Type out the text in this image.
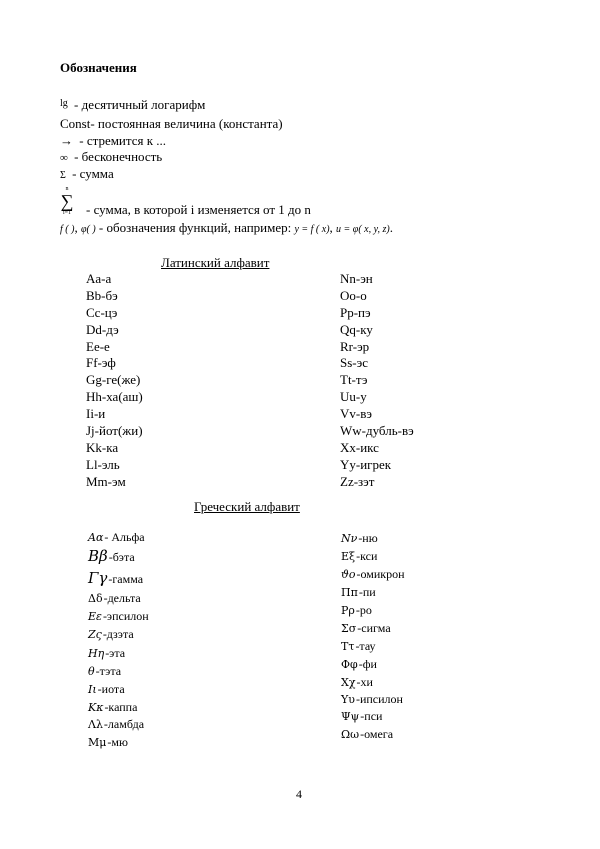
Обозначения
lg - десятичный логарифм
Const- постоянная величина (константа)
→ - стремится к ...
∞ - бесконечность
Σ - сумма
n
∑
i=1 - сумма, в которой i изменяется от 1 до n
f ( ), φ( ) - обозначения функций, например: y = f ( x), u = φ( x, y, z).
Латинский алфавит
Aa-а
Bb-бэ
Cc-цэ
Dd-дэ
Ee-е
Ff-эф
Gg-ге(же)
Hh-ха(аш)
Ii-и
Jj-йот(жи)
Kk-ка
Ll-эль
Mm-эм
Nn-эн
Oo-о
Pp-пэ
Qq-ку
Rr-эр
Ss-эс
Tt-тэ
Uu-у
Vv-вэ
Ww-дубль-вэ
Xx-икс
Yy-игрек
Zz-зэт
Греческий алфавит
Aα- Альфа
Bβ-бэта
Γγ-гамма
Δδ-дельта
Eε-эпсилон
Zς-дзэта
Hη-эта
θ-тэта
Iι-иота
Kκ-каппа
Λλ-ламбда
Mμ-мю
Nν-ню
Eξ-кси
ϑο-омикрон
Ππ-пи
Pρ-ро
Σσ-сигма
Tτ-тау
Φφ-фи
Xχ-хи
Yυ-ипсилон
Ψψ-пси
Ωω-омега
4
